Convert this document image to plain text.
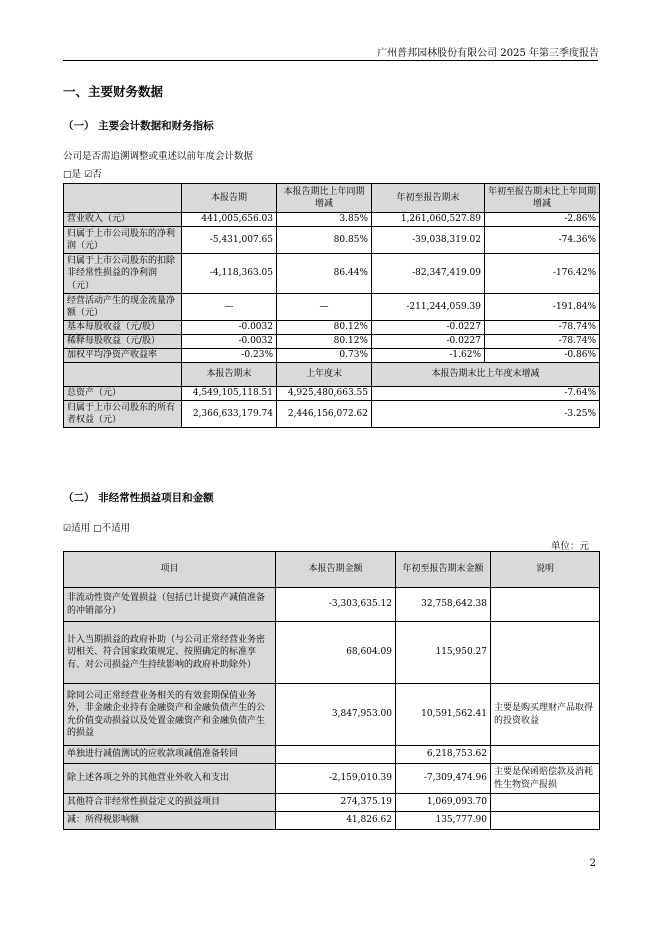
广州普邦园林股份有限公司 2025 年第三季度报告
一、主要财务数据
（一） 主要会计数据和财务指标
公司是否需追溯调整或重述以前年度会计数据
□是 ☑否
	本报告期	本报告期比上年同期增减	年初至报告期末	年初至报告期末比上年同期增减
营业收入（元）	441,005,656.03	3.85%	1,261,060,527.89	-2.86%
归属于上市公司股东的净利润（元）	-5,431,007.65	80.85%	-39,038,319.02	-74.36%
归属于上市公司股东的扣除非经常性损益的净利润（元）	-4,118,363.05	86.44%	-82,347,419.09	-176.42%
经营活动产生的现金流量净额（元）	—	—	-211,244,059.39	-191.84%
基本每股收益（元/股）	-0.0032	80.12%	-0.0227	-78.74%
稀释每股收益（元/股）	-0.0032	80.12%	-0.0227	-78.74%
加权平均净资产收益率	-0.23%	0.73%	-1.62%	-0.86%
	本报告期末	上年度末	本报告期末比上年度末增减	
总资产（元）	4,549,105,118.51	4,925,480,663.55	-7.64%	
归属于上市公司股东的所有者权益（元）	2,366,633,179.74	2,446,156,072.62	-3.25%	
（二） 非经常性损益项目和金额
☑适用 □不适用
单位：元
项目	本报告期金额	年初至报告期末金额	说明
非流动性资产处置损益（包括已计提资产减值准备的冲销部分）	-3,303,635.12	32,758,642.38	
计入当期损益的政府补助（与公司正常经营业务密切相关、符合国家政策规定、按照确定的标准享有、对公司损益产生持续影响的政府补助除外）	68,604.09	115,950.27	
除同公司正常经营业务相关的有效套期保值业务外，非金融企业持有金融资产和金融负债产生的公允价值变动损益以及处置金融资产和金融负债产生的损益	3,847,953.00	10,591,562.41	主要是购买理财产品取得的投资收益
单独进行减值测试的应收款项减值准备转回		6,218,753.62	
除上述各项之外的其他营业外收入和支出	-2,159,010.39	-7,309,474.96	主要是保函赔偿款及消耗性生物资产报损
其他符合非经常性损益定义的损益项目	274,375.19	1,069,093.70	
减：所得税影响额	41,826.62	135,777.90	
2
